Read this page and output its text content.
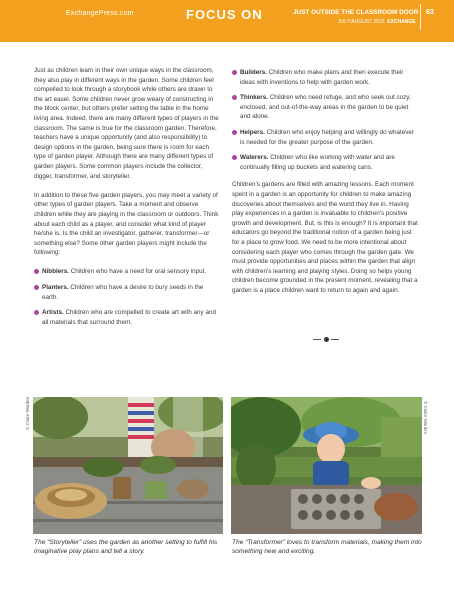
ExchangePress.com	FOCUS ON	JUST OUTSIDE THE CLASSROOM DOOR
JULY/AUGUST 2022 EXCHANGE
63

Just as children learn in their own unique ways in the classroom, they also play in different ways in the garden. Some children feel compelled to look through a storybook while others are drawn to the art easel. Some children never grow weary of constructing in the block center, but others prefer setting the table in the home living area. Indeed, there are many different types of players in the classroom. The same is true for the classroom garden. Therefore, teachers have a unique opportunity (and also responsibility) to design options in the garden, being sure there is room for each type of garden player. Although there are many different types of garden players. Some common players include the collector, digger, transformer, and storyteller.

In addition to these five garden players, you may meet a variety of other types of garden players. Take a moment and observe children while they are playing in the classroom or outdoors. Think about each child as a player, and consider what kind of player he/she is. Is the child an investigator, gatherer, transformer—or something else? Some other garden players might include the following:

Nibblers. Children who have a need for oral sensory input.
Planters. Children who have a desire to bury seeds in the earth.
Artists. Children who are compelled to create art with any and all materials that surround them.
Builders. Children who make plans and then execute their ideas with inventions to help with garden work.
Thinkers. Children who need refuge, and who seek out cozy, enclosed, and out-of-the-way areas in the garden to be quiet and alone.
Helpers. Children who enjoy helping and willingly do whatever is needed for the greater purpose of the garden.
Waterers. Children who like working with water and are continually filling up buckets and watering cans.

Children’s gardens are filled with amazing lessons. Each moment spent in a garden is an opportunity for children to make amazing discoveries about themselves and the world they live in. Having play experiences in a garden is invaluable to children’s positive growth and development. But, is this is enough? It is important that educators go beyond the traditional notion of a garden being just for a place to grow food. We need to be more intentional about considering each player who comes through the garden gate. We must provide opportunities and places within the garden that align with children’s learning and playing styles. Doing so helps young children become grounded in the present moment, revealing that a garden is a place children want to return to again and again.

© Claire Warden	© Claire Warden
The “Storyteller” uses the garden as another setting to fulfill his imaginative play plans and tell a story.
The “Transformer” loves to transform materials, making them into something new and exciting.
